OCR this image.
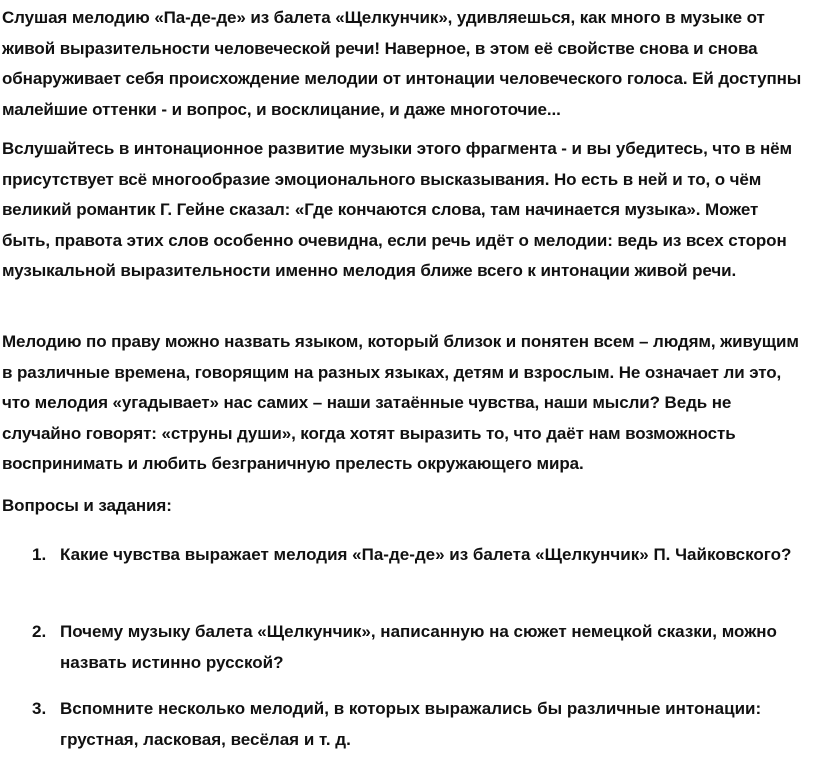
Слушая мелодию «Па-де-де» из балета «Щелкунчик», удивляешься, как много в музыке от живой выразительности человеческой речи! Наверное, в этом её свойстве снова и снова обнаруживает себя происхождение мелодии от интонации человеческого голоса. Ей доступны малейшие оттенки - и вопрос, и восклицание, и даже многоточие...

Вслушайтесь в интонационное развитие музыки этого фрагмента - и вы убедитесь, что в нём присутствует всё многообразие эмоционального высказывания. Но есть в ней и то, о чём великий романтик Г. Гейне сказал: «Где кончаются слова, там начинается музыка». Может быть, правота этих слов особенно очевидна, если речь идёт о мелодии: ведь из всех сторон музыкальной выразительности именно мелодия ближе всего к интонации живой речи.

Мелодию по праву можно назвать языком, который близок и понятен всем – людям, живущим в различные времена, говорящим на разных языках, детям и взрослым. Не означает ли это, что мелодия «угадывает» нас самих – наши затаённые чувства, наши мысли? Ведь не случайно говорят: «струны души», когда хотят выразить то, что даёт нам возможность воспринимать и любить безграничную прелесть окружающего мира.

Вопросы и задания:

1. Какие чувства выражает мелодия «Па-де-де» из балета «Щелкунчик» П. Чайковского?
2. Почему музыку балета «Щелкунчик», написанную на сюжет немецкой сказки, можно назвать истинно русской?
3. Вспомните несколько мелодий, в которых выражались бы различные интонации: грустная, ласковая, весёлая и т. д.
